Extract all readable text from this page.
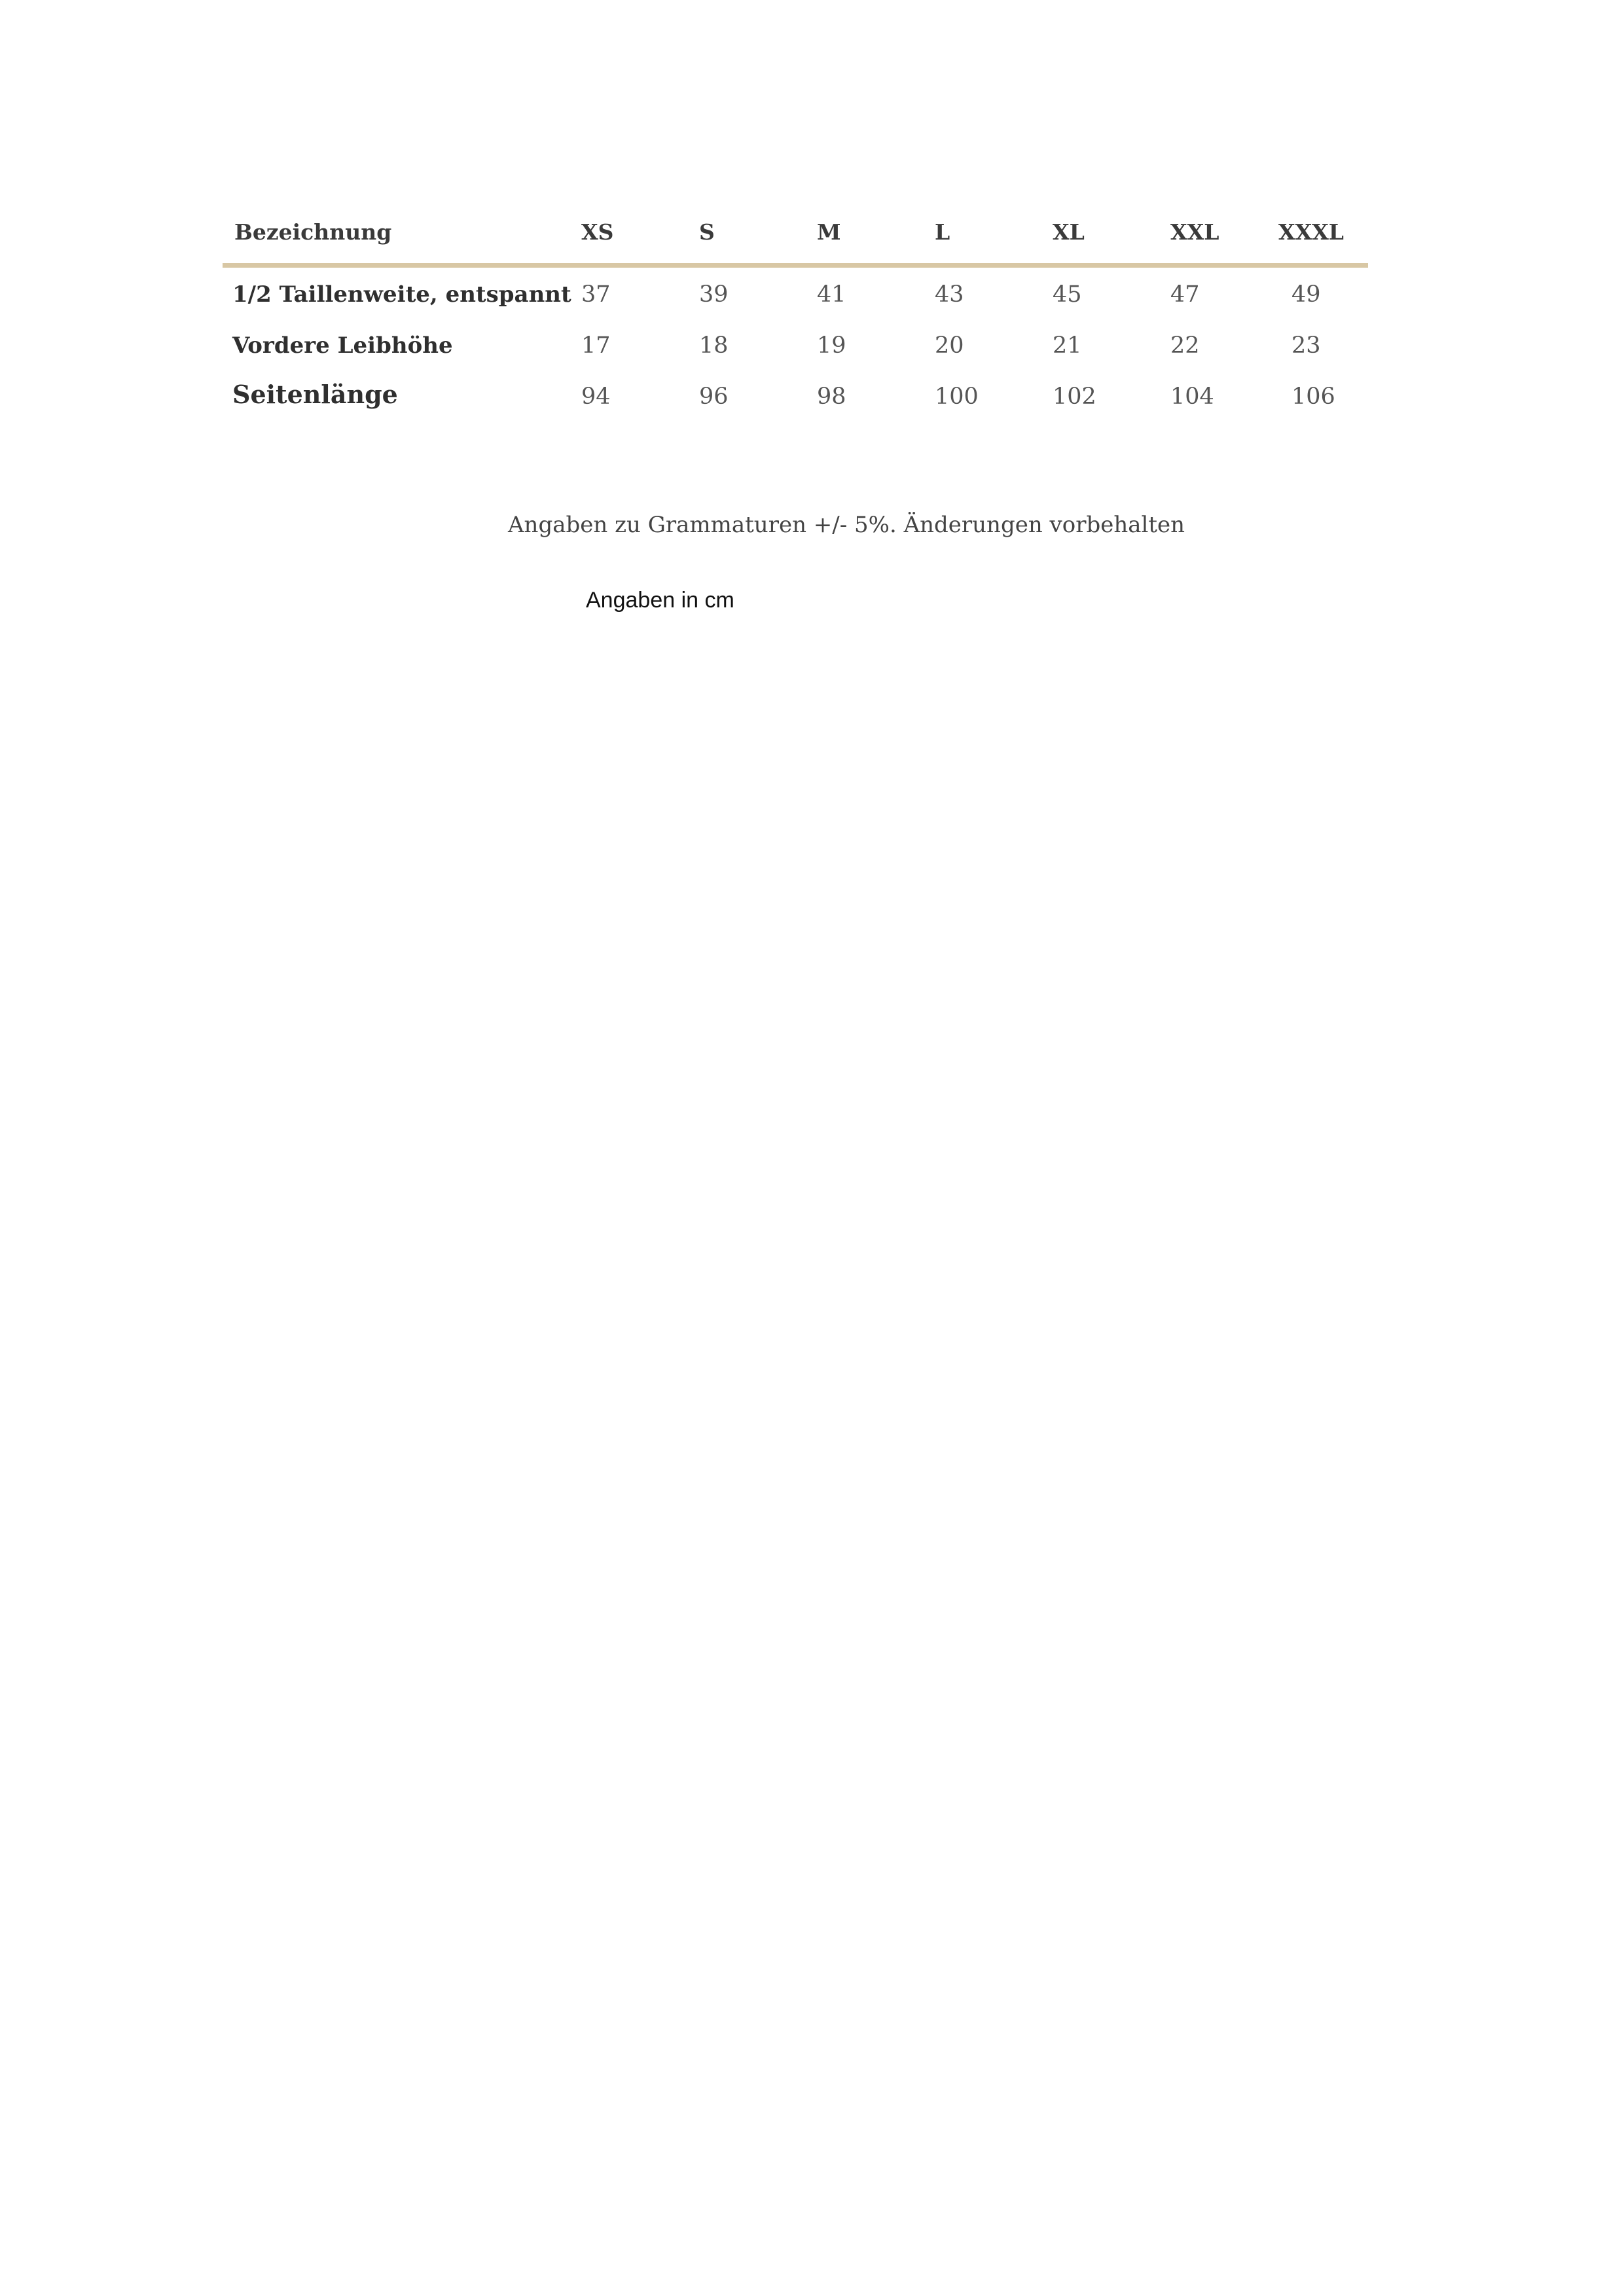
Bezeichnung	XS	S	M	L	XL	XXL	XXXL
1/2 Taillenweite, entspannt 37	39	41	43	45	47	49
Vordere Leibhöhe	17	18	19	20	21	22	23
Seitenlänge	94	96	98	100	102	104	106
Angaben zu Grammaturen +/- 5%. Änderungen vorbehalten
Angaben in cm
